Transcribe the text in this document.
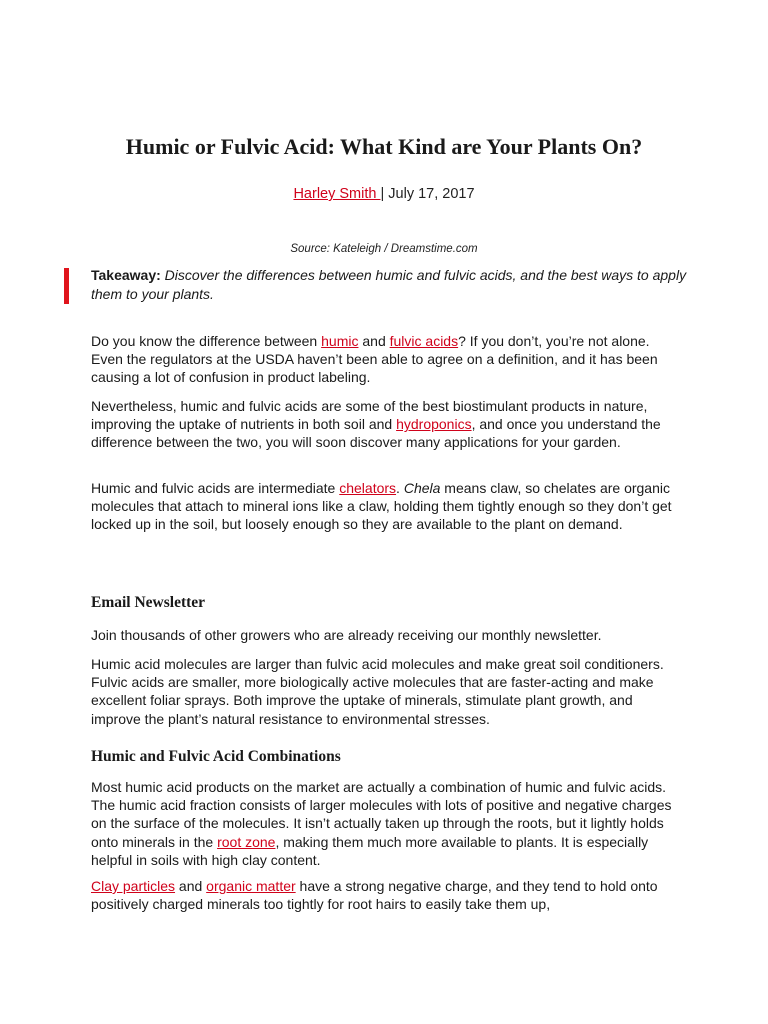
Humic or Fulvic Acid: What Kind are Your Plants On?
Harley Smith | July 17, 2017
Source: Kateleigh / Dreamstime.com
Takeaway: Discover the differences between humic and fulvic acids, and the best ways to apply them to your plants.

Do you know the difference between humic and fulvic acids? If you don’t, you’re not alone. Even the regulators at the USDA haven’t been able to agree on a definition, and it has been causing a lot of confusion in product labeling.

Nevertheless, humic and fulvic acids are some of the best biostimulant products in nature, improving the uptake of nutrients in both soil and hydroponics, and once you understand the difference between the two, you will soon discover many applications for your garden.

Humic and fulvic acids are intermediate chelators. Chela means claw, so chelates are organic molecules that attach to mineral ions like a claw, holding them tightly enough so they don’t get locked up in the soil, but loosely enough so they are available to the plant on demand.

Email Newsletter

Join thousands of other growers who are already receiving our monthly newsletter.

Humic acid molecules are larger than fulvic acid molecules and make great soil conditioners. Fulvic acids are smaller, more biologically active molecules that are faster-acting and make excellent foliar sprays. Both improve the uptake of minerals, stimulate plant growth, and improve the plant’s natural resistance to environmental stresses.

Humic and Fulvic Acid Combinations

Most humic acid products on the market are actually a combination of humic and fulvic acids. The humic acid fraction consists of larger molecules with lots of positive and negative charges on the surface of the molecules. It isn’t actually taken up through the roots, but it lightly holds onto minerals in the root zone, making them much more available to plants. It is especially helpful in soils with high clay content.

Clay particles and organic matter have a strong negative charge, and they tend to hold onto positively charged minerals too tightly for root hairs to easily take them up,
